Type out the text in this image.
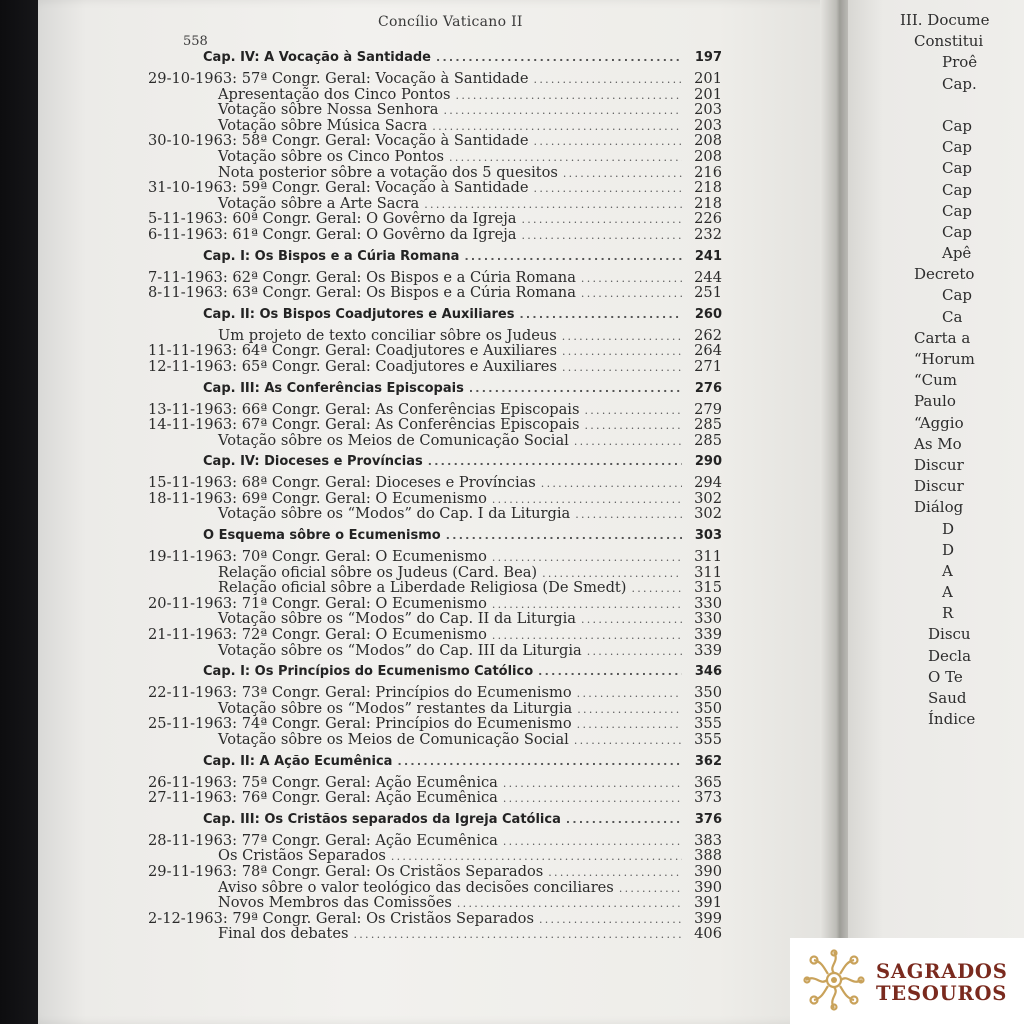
558
Concílio Vaticano II
Cap. IV: A Vocação à Santidade .....	197
29-10-1963: 57ª Congr. Geral: Vocação à Santidade .....	201
Apresentação dos Cinco Pontos .....	201
Votação sôbre Nossa Senhora .....	203
Votação sôbre Música Sacra .....	203
30-10-1963: 58ª Congr. Geral: Vocação à Santidade .....	208
Votação sôbre os Cinco Pontos .....	208
Nota posterior sôbre a votação dos 5 quesitos .....	216
31-10-1963: 59ª Congr. Geral: Vocação à Santidade .....	218
Votação sôbre a Arte Sacra .....	218
5-11-1963: 60ª Congr. Geral: O Govêrno da Igreja .....	226
6-11-1963: 61ª Congr. Geral: O Govêrno da Igreja .....	232
Cap. I: Os Bispos e a Cúria Romana .....	241
7-11-1963: 62ª Congr. Geral: Os Bispos e a Cúria Romana .....	244
8-11-1963: 63ª Congr. Geral: Os Bispos e a Cúria Romana .....	251
Cap. II: Os Bispos Coadjutores e Auxiliares .....	260
Um projeto de texto conciliar sôbre os Judeus .....	262
11-11-1963: 64ª Congr. Geral: Coadjutores e Auxiliares .....	264
12-11-1963: 65ª Congr. Geral: Coadjutores e Auxiliares .....	271
Cap. III: As Conferências Episcopais .....	276
13-11-1963: 66ª Congr. Geral: As Conferências Episcopais .....	279
14-11-1963: 67ª Congr. Geral: As Conferências Episcopais .....	285
Votação sôbre os Meios de Comunicação Social .....	285
Cap. IV: Dioceses e Províncias .....	290
15-11-1963: 68ª Congr. Geral: Dioceses e Províncias .....	294
18-11-1963: 69ª Congr. Geral: O Ecumenismo .....	302
Votação sôbre os “Modos” do Cap. I da Liturgia .....	302
O Esquema sôbre o Ecumenismo .....	303
19-11-1963: 70ª Congr. Geral: O Ecumenismo .....	311
Relação oficial sôbre os Judeus (Card. Bea) .....	311
Relação oficial sôbre a Liberdade Religiosa (De Smedt) .....	315
20-11-1963: 71ª Congr. Geral: O Ecumenismo .....	330
Votação sôbre os “Modos” do Cap. II da Liturgia .....	330
21-11-1963: 72ª Congr. Geral: O Ecumenismo .....	339
Votação sôbre os “Modos” do Cap. III da Liturgia .....	339
Cap. I: Os Princípios do Ecumenismo Católico .....	346
22-11-1963: 73ª Congr. Geral: Princípios do Ecumenismo .....	350
Votação sôbre os “Modos” restantes da Liturgia .....	350
25-11-1963: 74ª Congr. Geral: Princípios do Ecumenismo .....	355
Votação sôbre os Meios de Comunicação Social .....	355
Cap. II: A Ação Ecumênica .....	362
26-11-1963: 75ª Congr. Geral: Ação Ecumênica .....	365
27-11-1963: 76ª Congr. Geral: Ação Ecumênica .....	373
Cap. III: Os Cristãos separados da Igreja Católica .....	376
28-11-1963: 77ª Congr. Geral: Ação Ecumênica .....	383
Os Cristãos Separados .....	388
29-11-1963: 78ª Congr. Geral: Os Cristãos Separados .....	390
Aviso sôbre o valor teológico das decisões conciliares .....	390
Novos Membros das Comissões .....	391
2-12-1963: 79ª Congr. Geral: Os Cristãos Separados .....	399
Final dos debates .....	406
III. Docume
Constitui
Proê
Cap.
Cap
Cap
Cap
Cap
Cap
Cap
Apê
Decreto
Cap
Ca
Carta a
“Horum
“Cum
Paulo
“Aggio
As Mo
Discur
Discur
Diálog
D
D
A
A
R
Discu
Decla
O Te
Saud
Índice
SAGRADOS
TESOUROS
